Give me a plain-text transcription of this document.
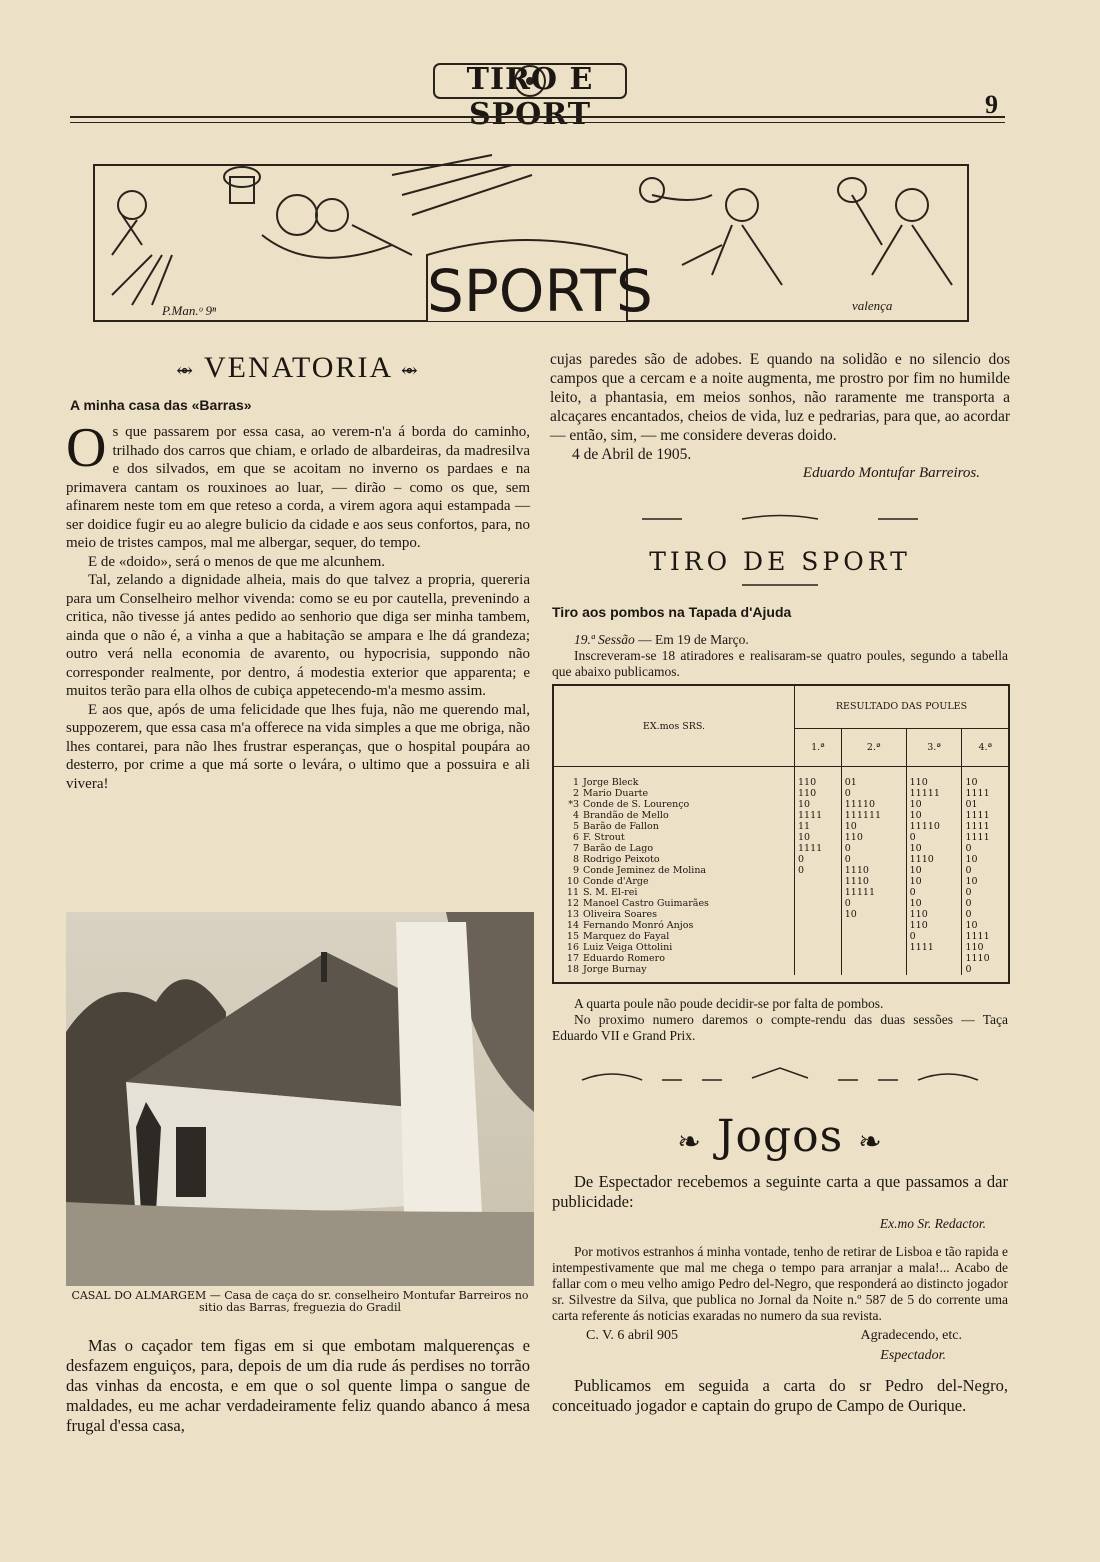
TIRO E SPORT	9
SPORTS
P.Man.ᵒ 9ⁿ	valença
⥈ VENATORIA ⥈
A minha casa das «Barras»

Os que passarem por essa casa, ao verem-n'a á borda do caminho, trilhado dos carros que chiam, e orlado de albardeiras, da madresilva e dos silvados, em que se acoitam no inverno os pardaes e na primavera cantam os rouxinoes ao luar, — dirão – como os que, sem afinarem neste tom em que reteso a corda, a virem agora aqui estampada — ser doidice fugir eu ao alegre bulicio da cidade e aos seus confortos, para, no meio de tristes campos, mal me albergar, sequer, do tempo.

E de «doido», será o menos de que me alcunhem.

Tal, zelando a dignidade alheia, mais do que talvez a propria, quereria para um Conselheiro melhor vivenda: como se eu por cautella, prevenindo a critica, não tivesse já antes pedido ao senhorio que diga ser minha tambem, ainda que o não é, a vinha a que a habitação se ampara e lhe dá grandeza; outro verá nella economia de avarento, ou hypocrisia, suppondo não corresponder realmente, por dentro, á modestia exterior que apparenta; e muitos terão para ella olhos de cubiça appetecendo-m'a mesmo assim.

E aos que, após de uma felicidade que lhes fuja, não me querendo mal, suppozerem, que essa casa m'a offerece na vida simples a que me obriga, não lhes contarei, para não lhes frustrar esperanças, que o hospital poupára ao desterro, por crime a que má sorte o levára, o ultimo que a possuira e ali vivera!

CASAL DO ALMARGEM — Casa de caça do sr. conselheiro Montufar Barreiros no sitio das Barras, freguezia do Gradil

Mas o caçador tem figas em si que embotam malquerenças e desfazem enguiços, para, depois de um dia rude ás perdises no torrão das vinhas da encosta, e em que o sol quente limpa o sangue de maldades, eu me achar verdadeiramente feliz quando abanco á mesa frugal d'essa casa,

cujas paredes são de adobes. E quando na solidão e no silencio dos campos que a cercam e a noite augmenta, me prostro por fim no humilde leito, a phantasia, em meios sonhos, não raramente me transporta a alcaçares encantados, cheios de vida, luz e pedrarias, para que, ao acordar — então, sim, — me considere deveras doido.

4 de Abril de 1905.

Eduardo Montufar Barreiros.

TIRO DE SPORT
Tiro aos pombos na Tapada d'Ajuda

19.ª Sessão — Em 19 de Março.

Inscreveram-se 18 atiradores e realisaram-se quatro poules, segundo a tabella que abaixo publicamos.

EX.mos SRS.	RESULTADO DAS POULES			
	1.ª	2.ª	3.ª	4.ª
1 Jorge Bleck	110	01	110	10
2 Mario Duarte	110	0	11111	1111
*3 Conde de S. Lourenço	10	11110	10	01
4 Brandão de Mello	1111	111111	10	1111
5 Barão de Fallon	11	10	11110	1111
6 F. Strout	10	110	0	1111
7 Barão de Lago	1111	0	10	0
8 Rodrigo Peixoto	0	0	1110	10
9 Conde Jeminez de Molina	0	1110	10	0
10 Conde d'Arge		1110	10	10
11 S. M. El-rei		11111	0	0
12 Manoel Castro Guimarães		0	10	0
13 Oliveira Soares		10	110	0
14 Fernando Monró Anjos			110	10
15 Marquez do Fayal			0	1111
16 Luiz Veiga Ottolini			1111	110
17 Eduardo Romero				1110
18 Jorge Burnay				0

A quarta poule não poude decidir-se por falta de pombos.

No proximo numero daremos o compte-rendu das duas sessões — Taça Eduardo VII e Grand Prix.

❧ Jogos ❧

De Espectador recebemos a seguinte carta a que passamos a dar publicidade:

Ex.mo Sr. Redactor.

Por motivos estranhos á minha vontade, tenho de retirar de Lisboa e tão rapida e intempestivamente que mal me chega o tempo para arranjar a mala!... Acabo de fallar com o meu velho amigo Pedro del-Negro, que responderá ao distincto jogador sr. Silvestre da Silva, que publica no Jornal da Noite n.º 587 de 5 do corrente uma carta referente ás noticias exaradas no numero da sua revista.

C. V. 6 abril 905	Agradecendo, etc.
Espectador.

Publicamos em seguida a carta do sr Pedro del-Negro, conceituado jogador e captain do grupo de Campo de Ourique.
